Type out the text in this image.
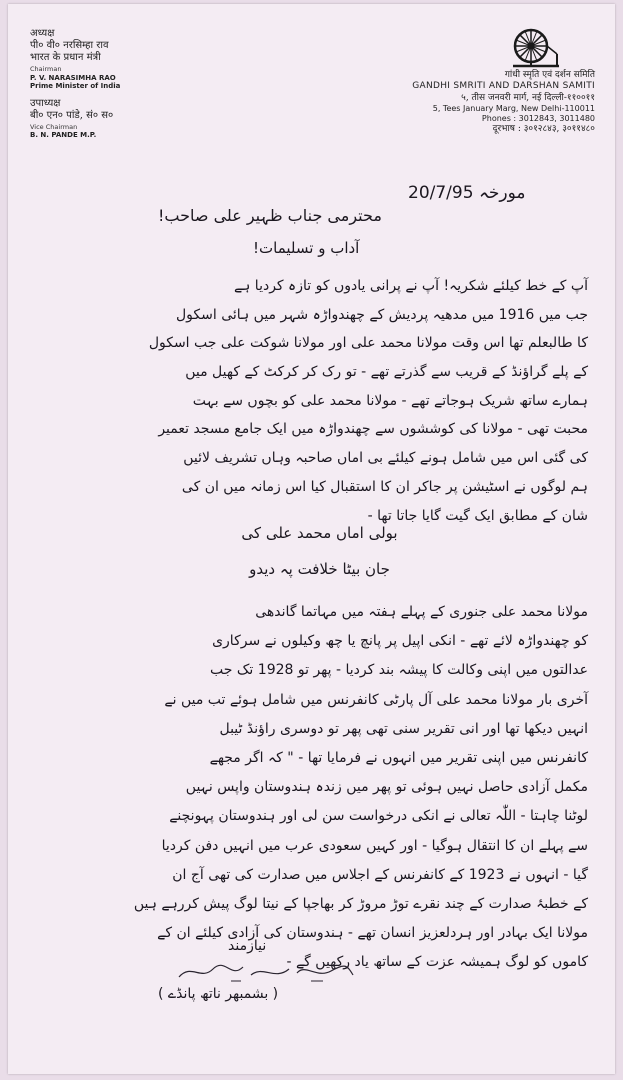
अध्यक्ष
पी० वी० नरसिम्हा राव
भारत के प्रधान मंत्री
Chairman
P. V. NARASIMHA RAO
Prime Minister of India
उपाध्यक्ष
बी० एन० पांडे, सं० स०
Vice Chairman
B. N. PANDE M.P.
गांधी स्मृति एवं दर्शन समिति
GANDHI SMRITI AND DARSHAN SAMITI
५, तीस जनवरी मार्ग, नई दिल्ली-११००११
5, Tees January Marg, New Delhi-110011
Phones : 3012843, 3011480
दूरभाष : ३०१२८४३, ३०११४८०
مورخہ 20/7/95
محترمی جناب ظہیر علی صاحب!
آداب و تسلیمات!
آپ کے خط کیلئے شکریہ! آپ نے پرانی یادوں کو تازہ کردیا ہے
جب میں 1916 میں مدھیہ پردیش کے چھندواڑہ شہر میں ہائی اسکول
کا طالبعلم تھا اس وقت مولانا محمد علی اور مولانا شوکت علی جب اسکول
کے پلے گراؤنڈ کے قریب سے گذرتے تھے - تو رک کر کرکٹ کے کھیل میں
ہمارے ساتھ شریک ہوجاتے تھے - مولانا محمد علی کو بچوں سے بہت
محبت تھی - مولانا کی کوششوں سے چھندواڑہ میں ایک جامع مسجد تعمیر
کی گئی اس میں شامل ہونے کیلئے بی اماں صاحبہ وہاں تشریف لائیں
ہم لوگوں نے اسٹیشن پر جاکر ان کا استقبال کیا اس زمانہ میں ان کی
شان کے مطابق ایک گیت گایا جاتا تھا -
بولی اماں محمد علی کی
جان بیٹا خلافت پہ دیدو
مولانا محمد علی جنوری کے پہلے ہفتہ میں مہاتما گاندھی
کو چھندواڑہ لائے تھے - انکی اپیل پر پانچ یا چھ وکیلوں نے سرکاری
عدالتوں میں اپنی وکالت کا پیشہ بند کردیا - پھر تو 1928 تک جب
آخری بار مولانا محمد علی آل پارٹی کانفرنس میں شامل ہوئے تب میں نے
انہیں دیکھا تھا اور انی تقریر سنی تھی پھر تو دوسری راؤنڈ ٹیبل
کانفرنس میں اپنی تقریر میں انہوں نے فرمایا تھا - " کہ اگر مجھے
مکمل آزادی حاصل نہیں ہوئی تو پھر میں زندہ ہندوستان واپس نہیں
لوٹنا چاہتا - اللّٰہ تعالی نے انکی درخواست سن لی اور ہندوستان پہونچنے
سے پہلے ان کا انتقال ہوگیا - اور کہیں سعودی عرب میں انہیں دفن کردیا
گیا - انہوں نے 1923 کے کانفرنس کے اجلاس میں صدارت کی تھی آج ان
کے خطبۂ صدارت کے چند نقرے توڑ مروڑ کر بھاجپا کے نیتا لوگ پیش کررہے ہیں
مولانا ایک بہادر اور ہردلعزیز انسان تھے - ہندوستان کی آزادی کیلئے ان کے
کاموں کو لوگ ہمیشہ عزت کے ساتھ یاد رکھیں گے -
نیازمند
( بشمبھر ناتھ پانڈے )
